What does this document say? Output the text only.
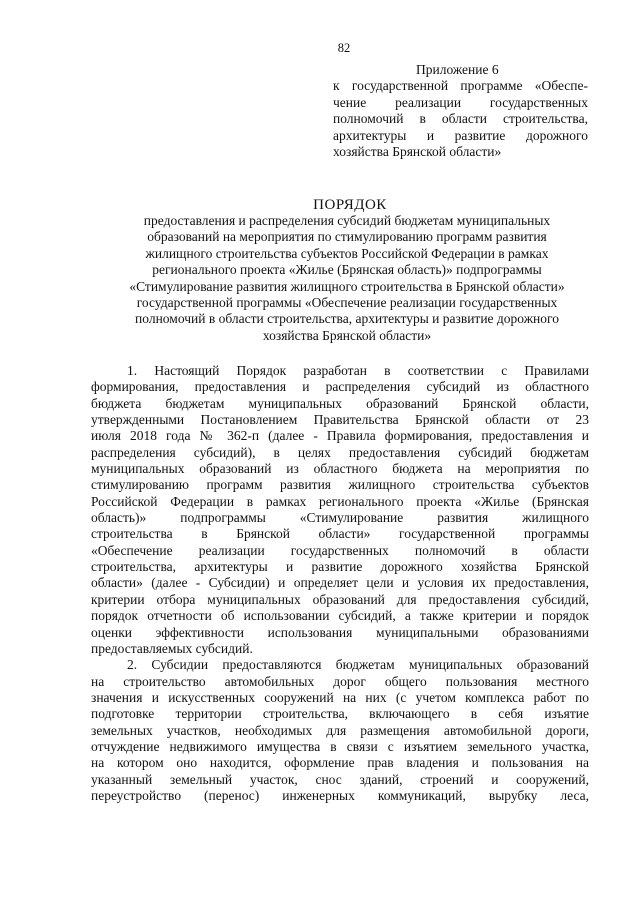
82
Приложение 6
к государственной программе «Обеспе-
чение реализации государственных
полномочий в области строительства,
архитектуры и развитие дорожного
хозяйства Брянской области»
ПОРЯДОК
предоставления и распределения субсидий бюджетам муниципальных
образований на мероприятия по стимулированию программ развития
жилищного строительства субъектов Российской Федерации в рамках
регионального проекта «Жилье (Брянская область)» подпрограммы
«Стимулирование развития жилищного строительства в Брянской области»
государственной программы «Обеспечение реализации государственных
полномочий в области строительства, архитектуры и развитие дорожного
хозяйства Брянской области»
1. Настоящий Порядок разработан в соответствии с Правилами
формирования, предоставления и распределения субсидий из областного
бюджета бюджетам муниципальных образований Брянской области,
утвержденными Постановлением Правительства Брянской области от 23
июля 2018 года № 362-п (далее - Правила формирования, предоставления и
распределения субсидий), в целях предоставления субсидий бюджетам
муниципальных образований из областного бюджета на мероприятия по
стимулированию программ развития жилищного строительства субъектов
Российской Федерации в рамках регионального проекта «Жилье (Брянская
область)» подпрограммы «Стимулирование развития жилищного
строительства в Брянской области» государственной программы
«Обеспечение реализации государственных полномочий в области
строительства, архитектуры и развитие дорожного хозяйства Брянской
области» (далее - Субсидии) и определяет цели и условия их предоставления,
критерии отбора муниципальных образований для предоставления субсидий,
порядок отчетности об использовании субсидий, а также критерии и порядок
оценки эффективности использования муниципальными образованиями
предоставляемых субсидий.
2. Субсидии предоставляются бюджетам муниципальных образований
на строительство автомобильных дорог общего пользования местного
значения и искусственных сооружений на них (с учетом комплекса работ по
подготовке территории строительства, включающего в себя изъятие
земельных участков, необходимых для размещения автомобильной дороги,
отчуждение недвижимого имущества в связи с изъятием земельного участка,
на котором оно находится, оформление прав владения и пользования на
указанный земельный участок, снос зданий, строений и сооружений,
переустройство (перенос) инженерных коммуникаций, вырубку леса,
